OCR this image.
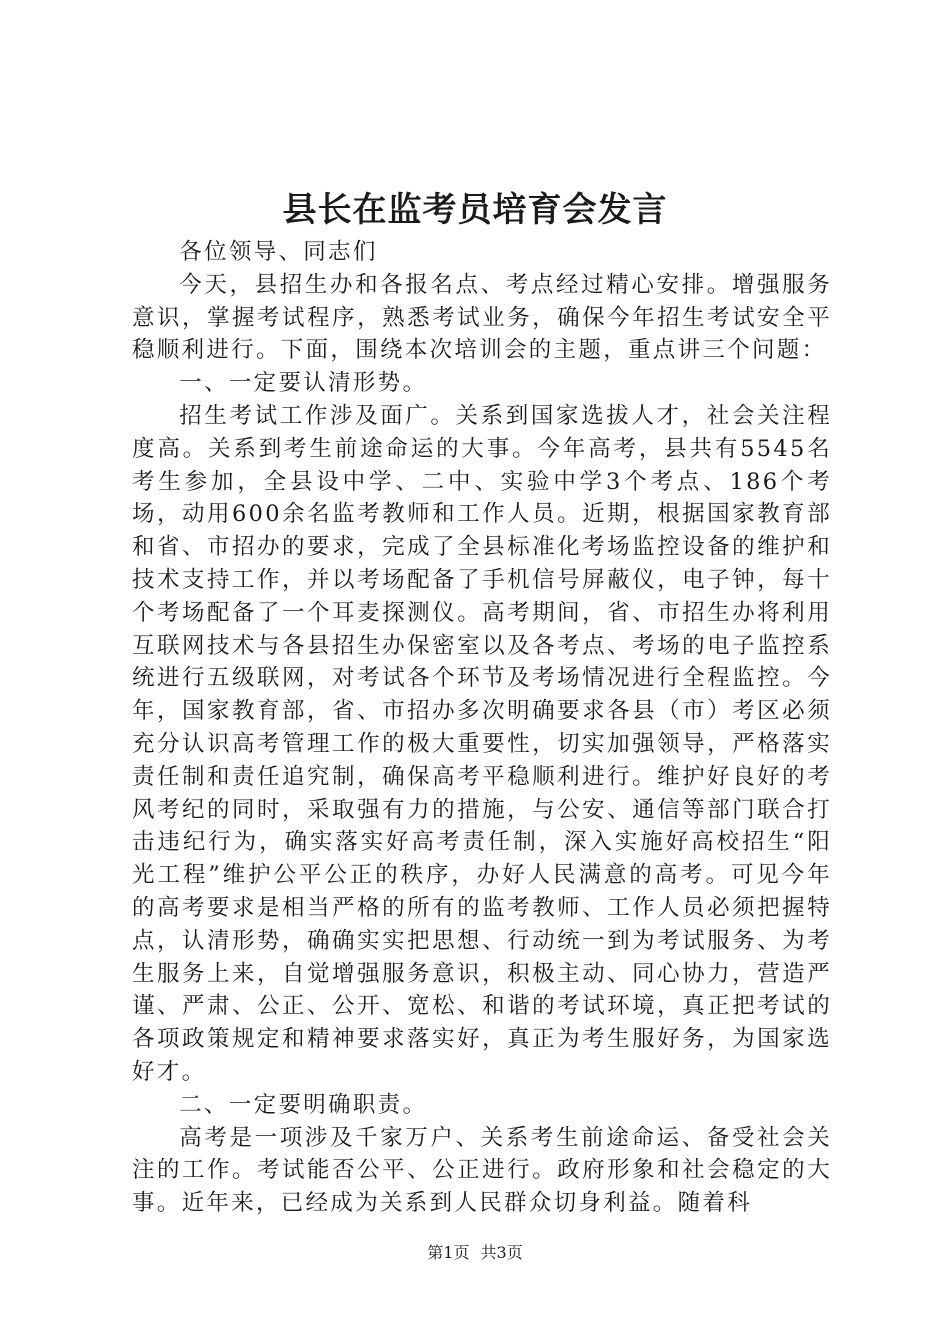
县长在监考员培育会发言

各位领导、同志们

今天，县招生办和各报名点、考点经过精心安排。增强服务意识，掌握考试程序，熟悉考试业务，确保今年招生考试安全平稳顺利进行。下面，围绕本次培训会的主题，重点讲三个问题：

一、一定要认清形势。

招生考试工作涉及面广。关系到国家选拔人才，社会关注程度高。关系到考生前途命运的大事。今年高考，县共有5545名考生参加，全县设中学、二中、实验中学3个考点、186个考场，动用600余名监考教师和工作人员。近期，根据国家教育部和省、市招办的要求，完成了全县标准化考场监控设备的维护和技术支持工作，并以考场配备了手机信号屏蔽仪，电子钟，每十个考场配备了一个耳麦探测仪。高考期间，省、市招生办将利用互联网技术与各县招生办保密室以及各考点、考场的电子监控系统进行五级联网，对考试各个环节及考场情况进行全程监控。今年，国家教育部，省、市招办多次明确要求各县（市）考区必须充分认识高考管理工作的极大重要性，切实加强领导，严格落实责任制和责任追究制，确保高考平稳顺利进行。维护好良好的考风考纪的同时，采取强有力的措施，与公安、通信等部门联合打击违纪行为，确实落实好高考责任制，深入实施好高校招生“阳光工程”维护公平公正的秩序，办好人民满意的高考。可见今年的高考要求是相当严格的所有的监考教师、工作人员必须把握特点，认清形势，确确实实把思想、行动统一到为考试服务、为考生服务上来，自觉增强服务意识，积极主动、同心协力，营造严谨、严肃、公正、公开、宽松、和谐的考试环境，真正把考试的各项政策规定和精神要求落实好，真正为考生服好务，为国家选好才。

二、一定要明确职责。

高考是一项涉及千家万户、关系考生前途命运、备受社会关注的工作。考试能否公平、公正进行。政府形象和社会稳定的大事。近年来，已经成为关系到人民群众切身利益。随着科

第1页 共3页
